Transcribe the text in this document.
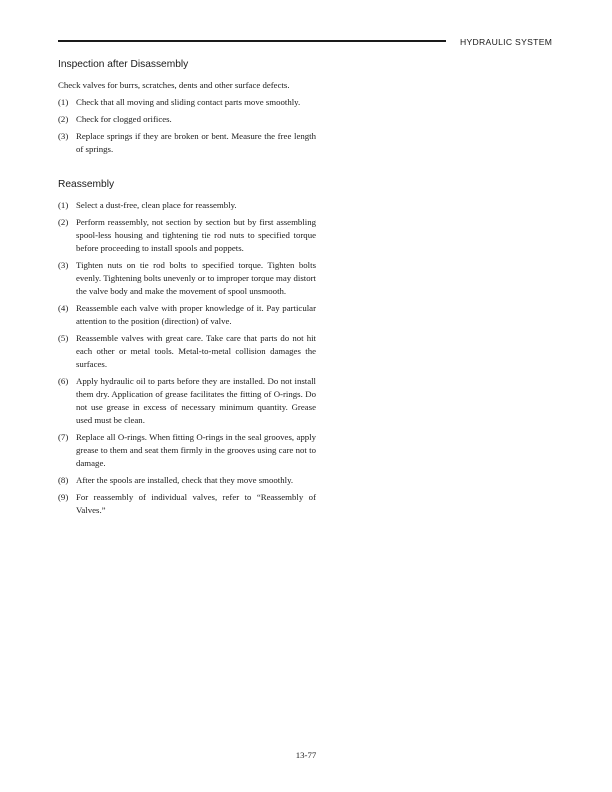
HYDRAULIC SYSTEM
Inspection after Disassembly

Check valves for burrs, scratches, dents and other surface defects.

(1) Check that all moving and sliding contact parts move smoothly.
(2) Check for clogged orifices.
(3) Replace springs if they are broken or bent. Measure the free length of springs.
Reassembly
(1) Select a dust-free, clean place for reassembly.
(2) Perform reassembly, not section by section but by first assembling spool-less housing and tightening tie rod nuts to specified torque before proceeding to install spools and poppets.
(3) Tighten nuts on tie rod bolts to specified torque. Tighten bolts evenly. Tightening bolts unevenly or to improper torque may distort the valve body and make the movement of spool unsmooth.
(4) Reassemble each valve with proper knowledge of it. Pay particular attention to the position (direction) of valve.
(5) Reassemble valves with great care. Take care that parts do not hit each other or metal tools. Metal-to-metal collision damages the surfaces.
(6) Apply hydraulic oil to parts before they are installed. Do not install them dry. Application of grease facilitates the fitting of O-rings. Do not use grease in excess of necessary minimum quantity. Grease used must be clean.
(7) Replace all O-rings. When fitting O-rings in the seal grooves, apply grease to them and seat them firmly in the grooves using care not to damage.
(8) After the spools are installed, check that they move smoothly.
(9) For reassembly of individual valves, refer to “Reassembly of Valves.”
13-77
